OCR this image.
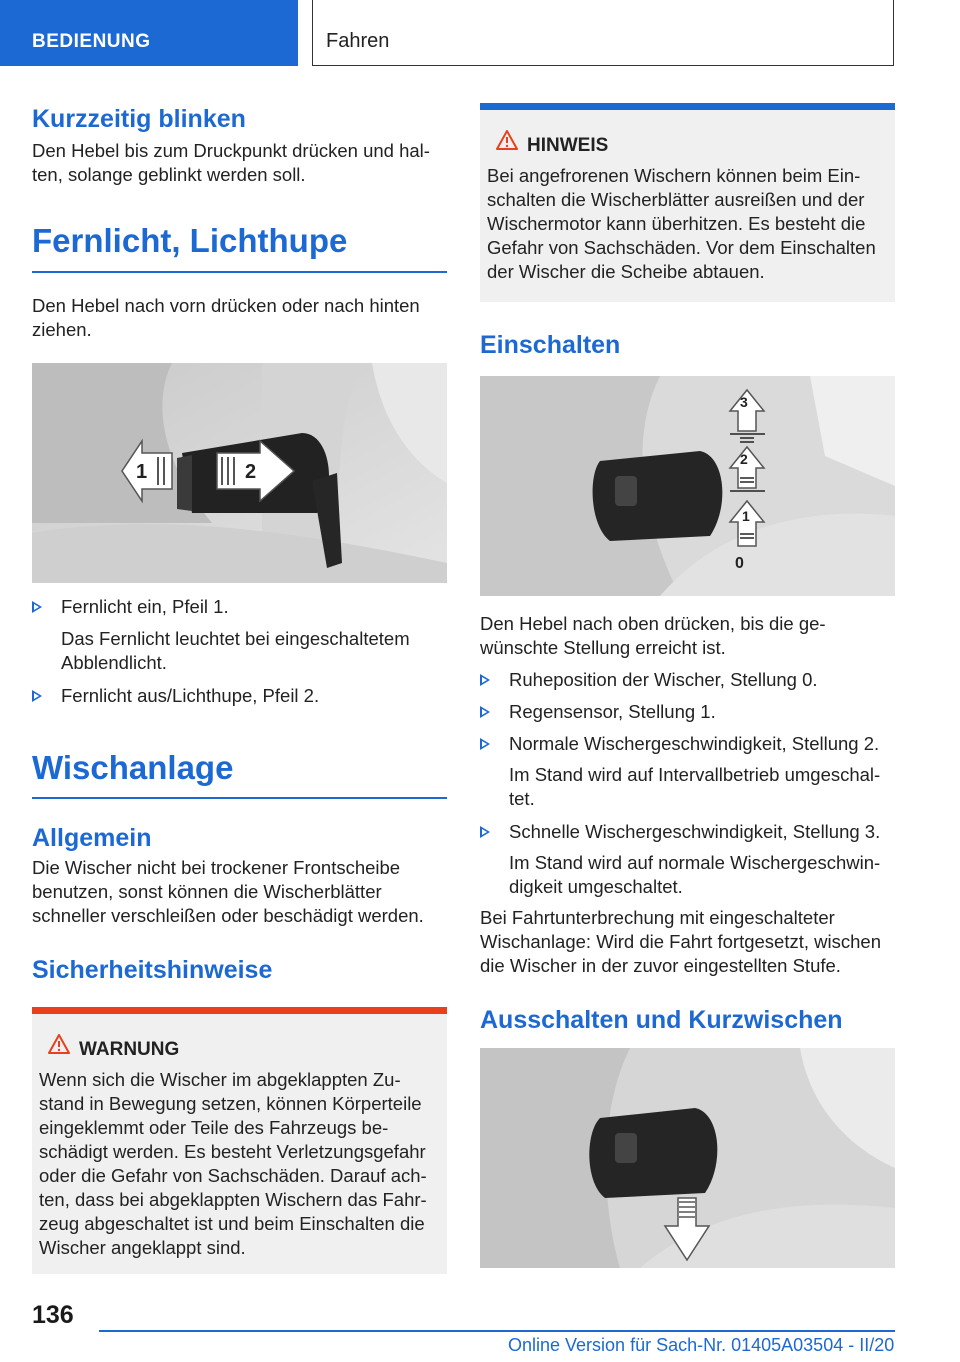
BEDIENUNG	Fahren
Kurzzeitig blinken
Den Hebel bis zum Druckpunkt drücken und hal-ten, solange geblinkt werden soll.
Fernlicht, Lichthupe
Den Hebel nach vorn drücken oder nach hinten ziehen.
2
1
Fernlicht ein, Pfeil 1.
Das Fernlicht leuchtet bei eingeschaltetem Abblendlicht.
Fernlicht aus/Lichthupe, Pfeil 2.
Wischanlage
Allgemein
Die Wischer nicht bei trockener Frontscheibe benutzen, sonst können die Wischerblätter schneller verschleißen oder beschädigt werden.
Sicherheitshinweise
WARNUNG
Wenn sich die Wischer im abgeklappten Zu-stand in Bewegung setzen, können Körperteile eingeklemmt oder Teile des Fahrzeugs be-schädigt werden. Es besteht Verletzungsgefahr oder die Gefahr von Sachschäden. Darauf ach-ten, dass bei abgeklappten Wischern das Fahr-zeug abgeschaltet ist und beim Einschalten die Wischer angeklappt sind.
HINWEIS
Bei angefrorenen Wischern können beim Ein-schalten die Wischerblätter ausreißen und der Wischermotor kann überhitzen. Es besteht die Gefahr von Sachschäden. Vor dem Einschalten der Wischer die Scheibe abtauen.
Einschalten
3
2
1
0
Den Hebel nach oben drücken, bis die ge-wünschte Stellung erreicht ist.
Ruheposition der Wischer, Stellung 0.
Regensensor, Stellung 1.
Normale Wischergeschwindigkeit, Stellung 2.
Im Stand wird auf Intervallbetrieb umgeschal-tet.
Schnelle Wischergeschwindigkeit, Stellung 3.
Im Stand wird auf normale Wischergeschwin-digkeit umgeschaltet.
Bei Fahrtunterbrechung mit eingeschalteter Wischanlage: Wird die Fahrt fortgesetzt, wischen die Wischer in der zuvor eingestellten Stufe.
Ausschalten und Kurzwischen
136
Online Version für Sach-Nr. 01405A03504 - II/20
